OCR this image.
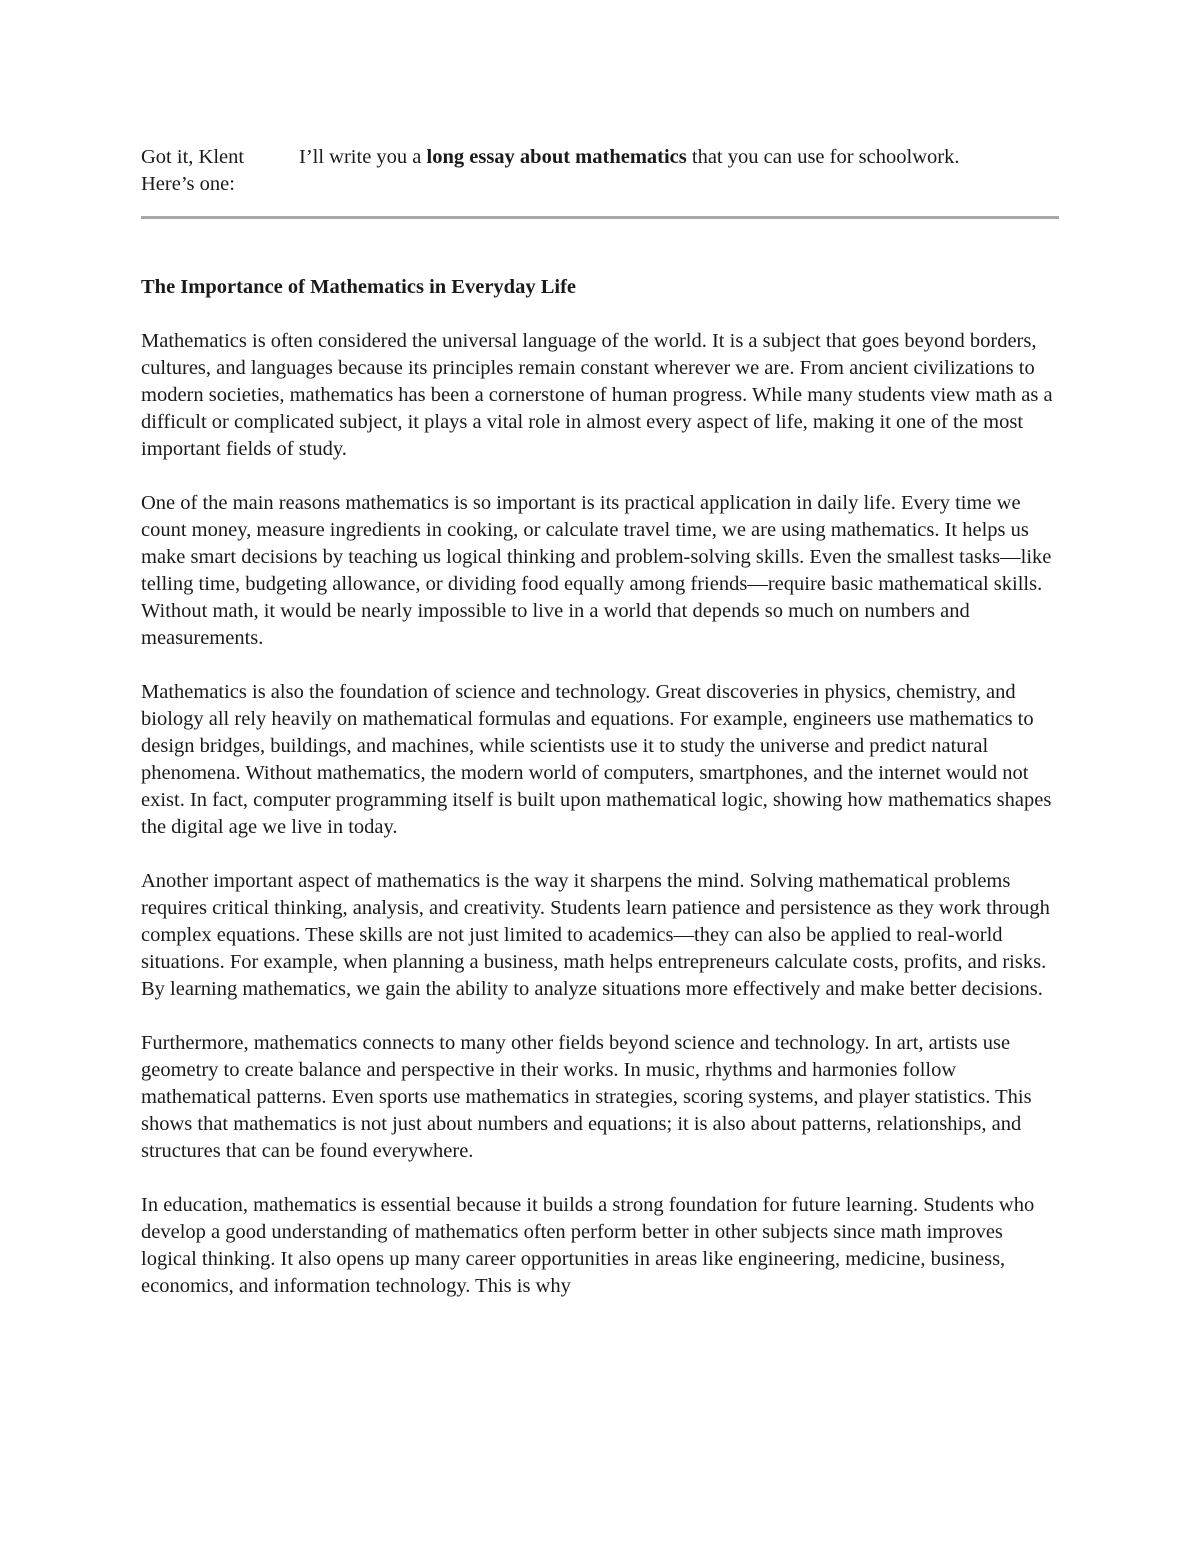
Got it, Klent
Here’s one:
I’ll write you a long essay about mathematics that you can use for schoolwork.
The Importance of Mathematics in Everyday Life

Mathematics is often considered the universal language of the world. It is a subject that goes beyond borders, cultures, and languages because its principles remain constant wherever we are. From ancient civilizations to modern societies, mathematics has been a cornerstone of human progress. While many students view math as a difficult or complicated subject, it plays a vital role in almost every aspect of life, making it one of the most important fields of study.

One of the main reasons mathematics is so important is its practical application in daily life. Every time we count money, measure ingredients in cooking, or calculate travel time, we are using mathematics. It helps us make smart decisions by teaching us logical thinking and problem-solving skills. Even the smallest tasks—like telling time, budgeting allowance, or dividing food equally among friends—require basic mathematical skills. Without math, it would be nearly impossible to live in a world that depends so much on numbers and measurements.

Mathematics is also the foundation of science and technology. Great discoveries in physics, chemistry, and biology all rely heavily on mathematical formulas and equations. For example, engineers use mathematics to design bridges, buildings, and machines, while scientists use it to study the universe and predict natural phenomena. Without mathematics, the modern world of computers, smartphones, and the internet would not exist. In fact, computer programming itself is built upon mathematical logic, showing how mathematics shapes the digital age we live in today.

Another important aspect of mathematics is the way it sharpens the mind. Solving mathematical problems requires critical thinking, analysis, and creativity. Students learn patience and persistence as they work through complex equations. These skills are not just limited to academics—they can also be applied to real-world situations. For example, when planning a business, math helps entrepreneurs calculate costs, profits, and risks. By learning mathematics, we gain the ability to analyze situations more effectively and make better decisions.

Furthermore, mathematics connects to many other fields beyond science and technology. In art, artists use geometry to create balance and perspective in their works. In music, rhythms and harmonies follow mathematical patterns. Even sports use mathematics in strategies, scoring systems, and player statistics. This shows that mathematics is not just about numbers and equations; it is also about patterns, relationships, and structures that can be found everywhere.

In education, mathematics is essential because it builds a strong foundation for future learning. Students who develop a good understanding of mathematics often perform better in other subjects since math improves logical thinking. It also opens up many career opportunities in areas like engineering, medicine, business, economics, and information technology. This is why
